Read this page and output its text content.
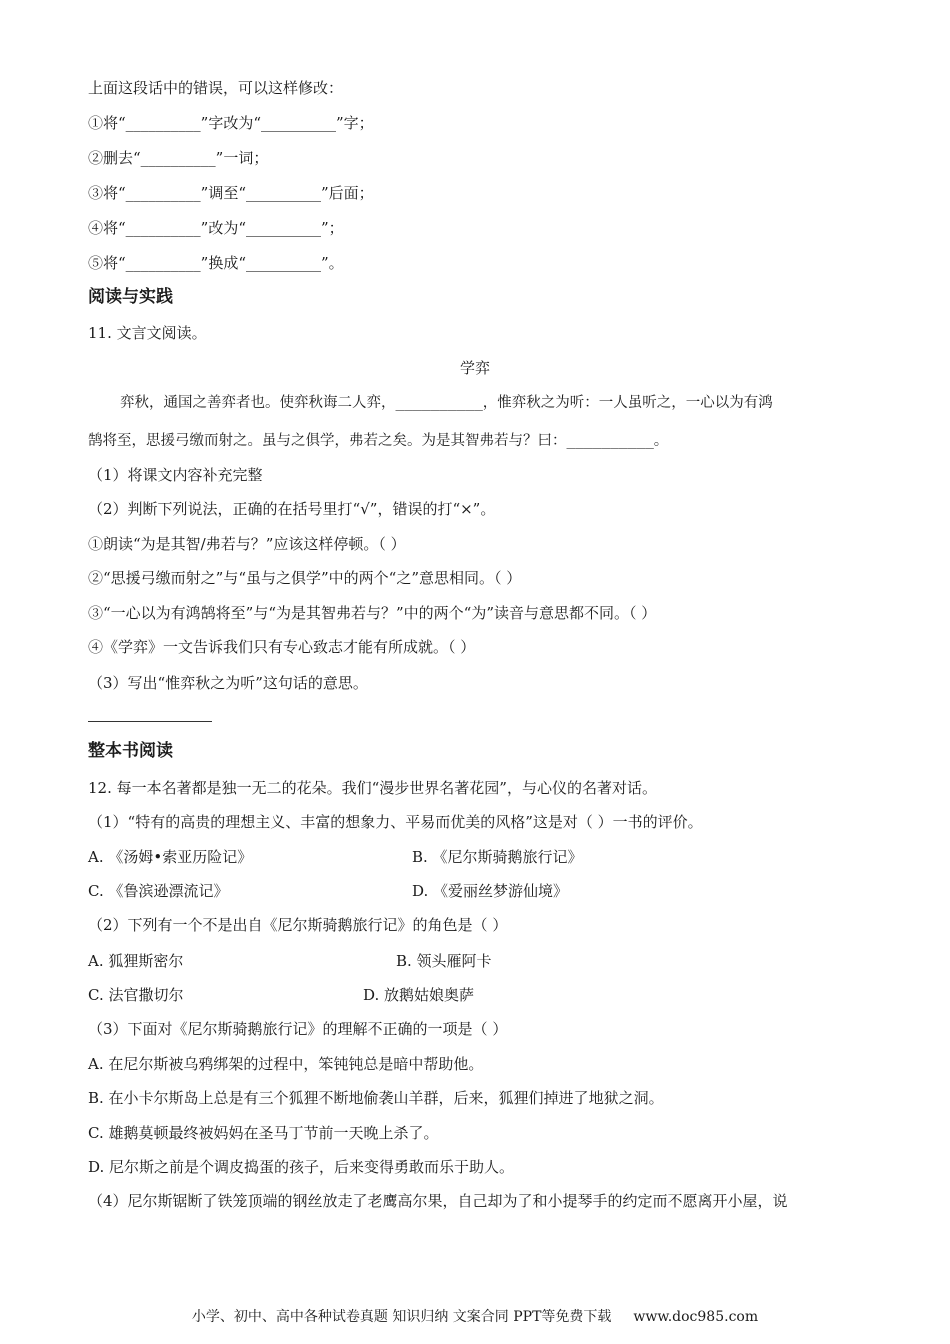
上面这段话中的错误，可以这样修改：
①将“__________”字改为“__________”字；
②删去“__________”一词；
③将“__________”调至“__________”后面；
④将“__________”改为“__________”；
⑤将“__________”换成“__________”。
阅读与实践
11. 文言文阅读。
学弈
弈秋，通国之善弈者也。使弈秋诲二人弈，__________，惟弈秋之为听：一人虽听之，一心以为有鸿
鹄将至，思援弓缴而射之。虽与之俱学，弗若之矣。为是其智弗若与？曰：__________。
（1）将课文内容补充完整
（2）判断下列说法，正确的在括号里打“√”，错误的打“×”。
①朗读“为是其智/弗若与？”应该这样停顿。（ ）
②“思援弓缴而射之”与“虽与之俱学”中的两个“之”意思相同。（ ）
③“一心以为有鸿鹄将至”与“为是其智弗若与？”中的两个“为”读音与意思都不同。（ ）
④《学弈》一文告诉我们只有专心致志才能有所成就。（ ）
（3）写出“惟弈秋之为听”这句话的意思。
整本书阅读
12. 每一本名著都是独一无二的花朵。我们“漫步世界名著花园”，与心仪的名著对话。
（1）“特有的高贵的理想主义、丰富的想象力、平易而优美的风格”这是对（ ）一书的评价。
A. 《汤姆•索亚历险记》	B. 《尼尔斯骑鹅旅行记》
C. 《鲁滨逊漂流记》	D. 《爱丽丝梦游仙境》
（2）下列有一个不是出自《尼尔斯骑鹅旅行记》的角色是（ ）
A. 狐狸斯密尔	B. 领头雁阿卡
C. 法官撒切尔	D. 放鹅姑娘奥萨
（3）下面对《尼尔斯骑鹅旅行记》的理解不正确的一项是（ ）
A. 在尼尔斯被乌鸦绑架的过程中，笨钝钝总是暗中帮助他。
B. 在小卡尔斯岛上总是有三个狐狸不断地偷袭山羊群，后来，狐狸们掉进了地狱之洞。
C. 雄鹅莫顿最终被妈妈在圣马丁节前一天晚上杀了。
D. 尼尔斯之前是个调皮捣蛋的孩子，后来变得勇敢而乐于助人。
（4）尼尔斯锯断了铁笼顶端的钢丝放走了老鹰高尔果，自己却为了和小提琴手的约定而不愿离开小屋，说
小学、初中、高中各种试卷真题 知识归纳 文案合同 PPT等免费下载 www.doc985.com
